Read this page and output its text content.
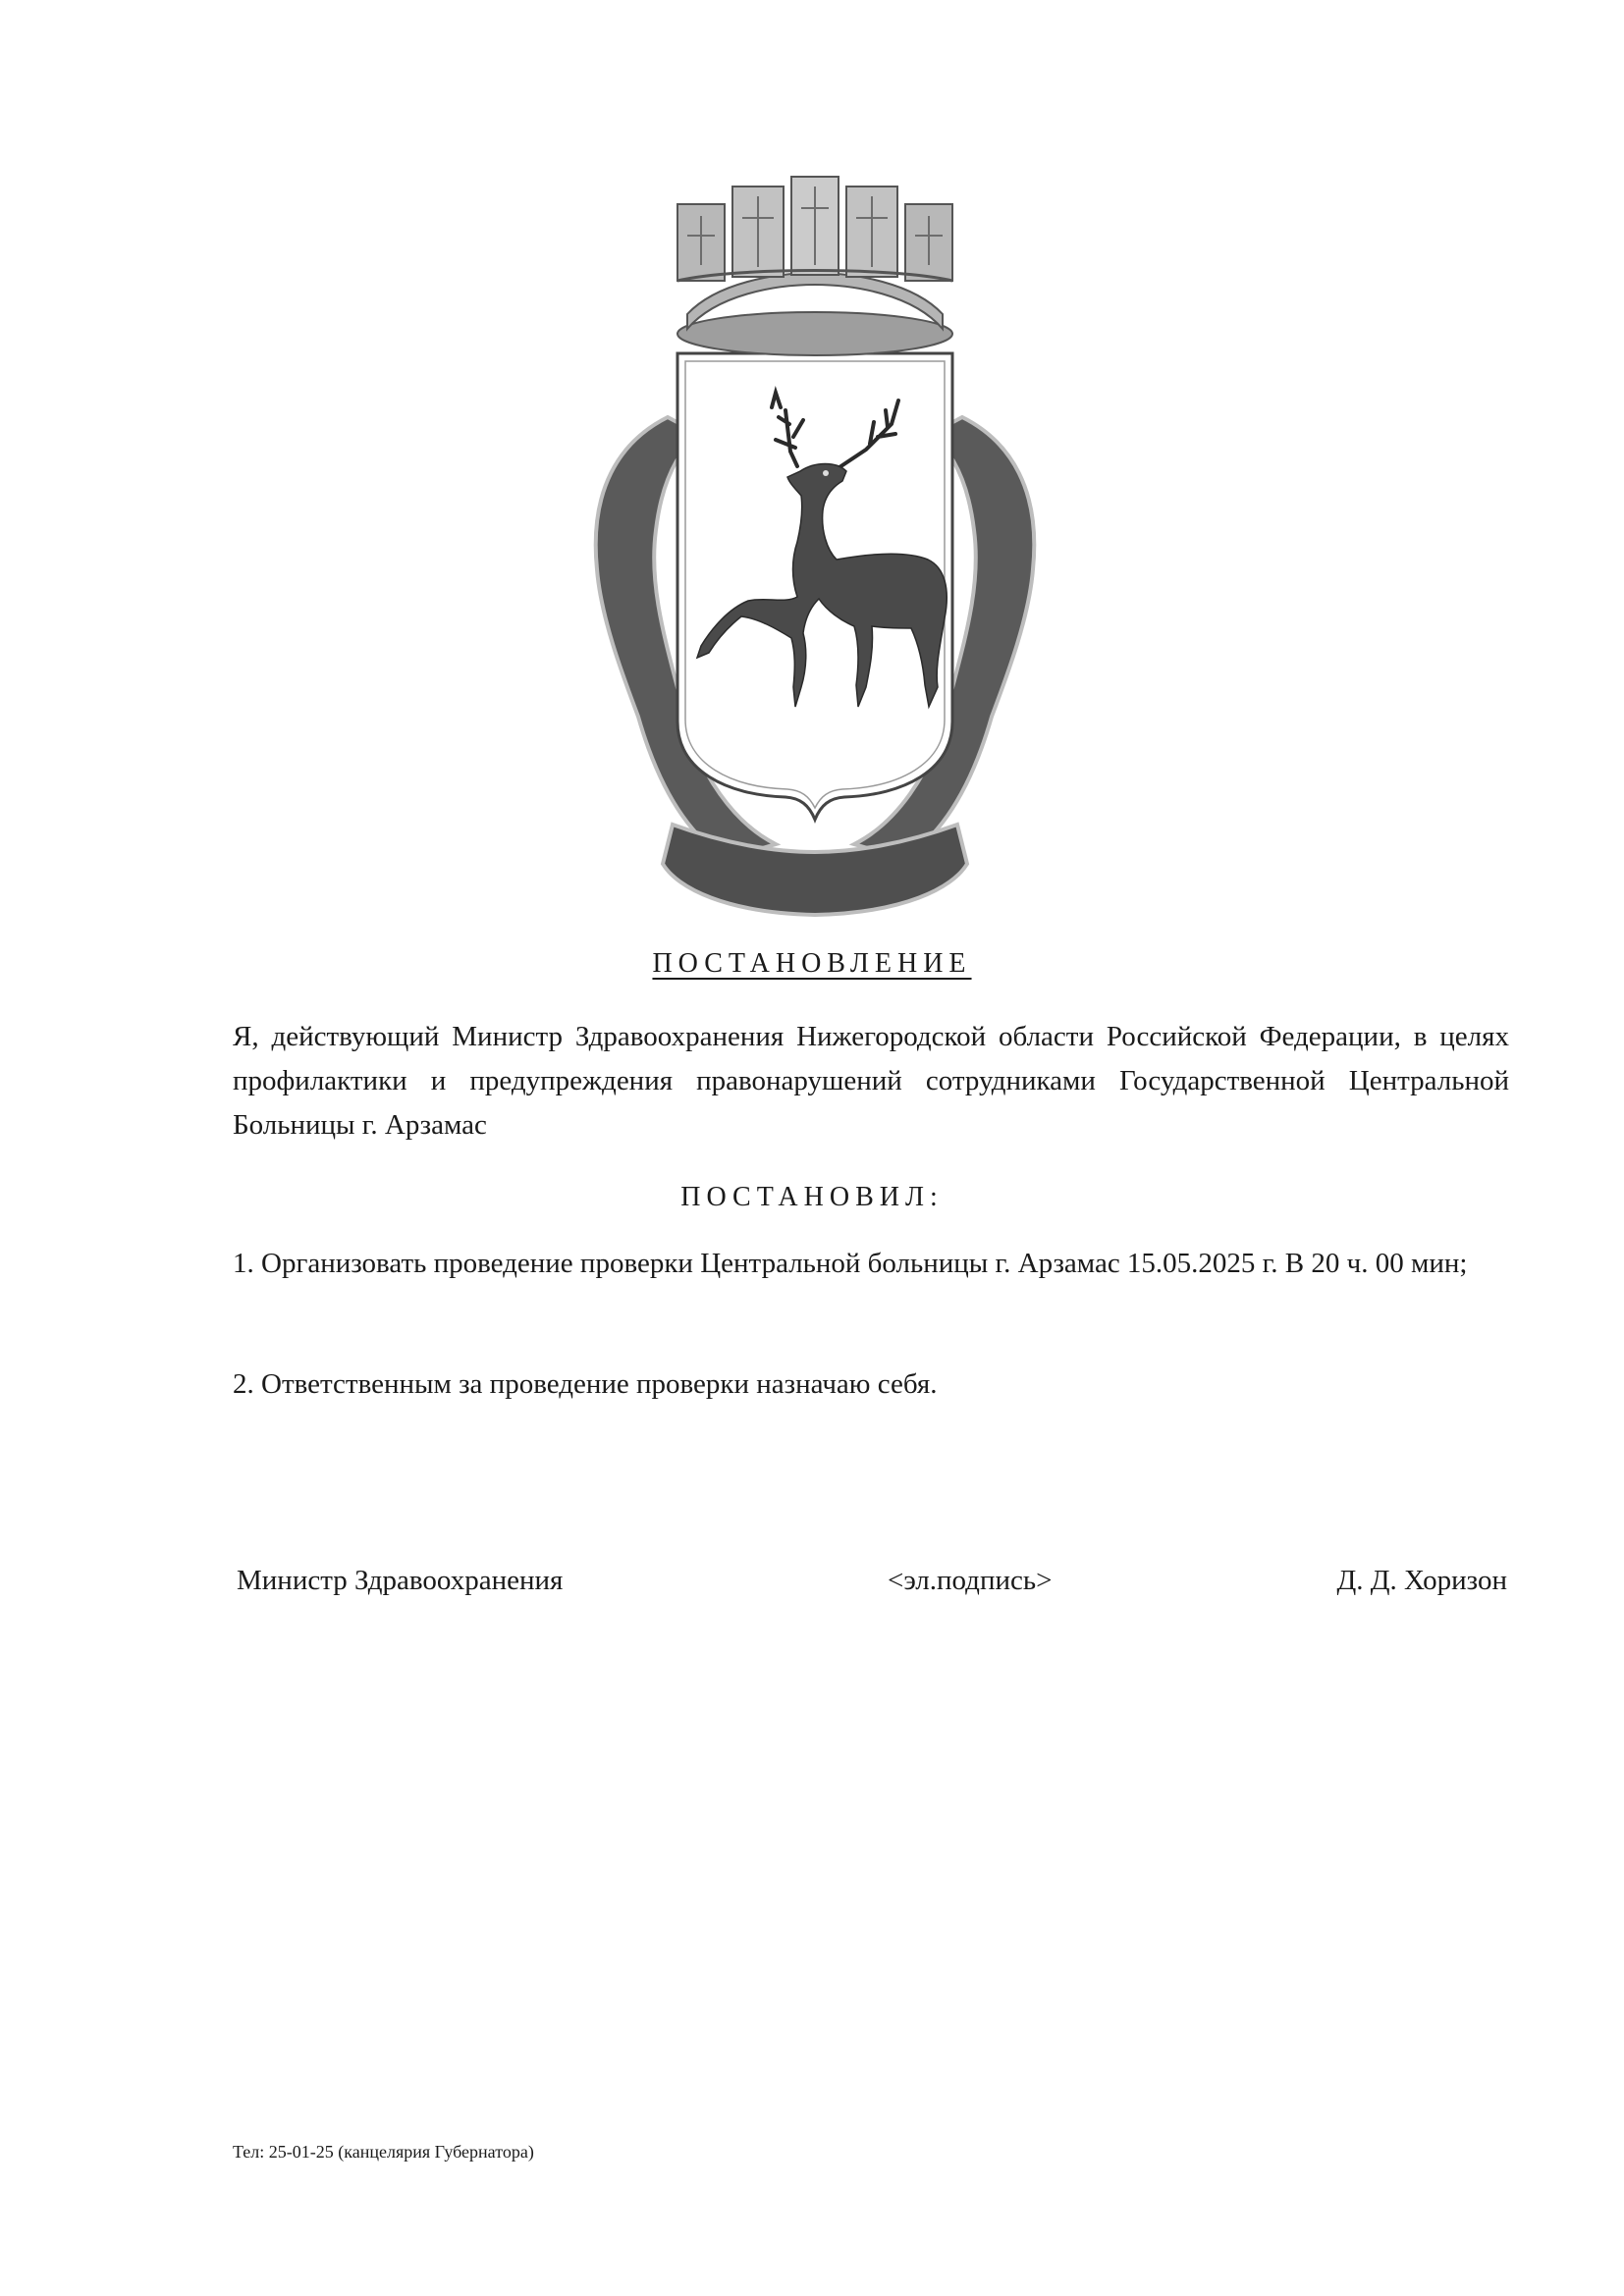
ПОСТАНОВЛЕНИЕ
Я, действующий Министр Здравоохранения Нижегородской области Российской Федерации, в целях профилактики и предупреждения правонарушений сотрудниками Государственной Центральной Больницы г. Арзамас
ПОСТАНОВИЛ:
1. Организовать проведение проверки Центральной больницы г. Арзамас 15.05.2025 г. В 20 ч. 00 мин;
2. Ответственным за проведение проверки назначаю себя.
Министр Здравоохранения	<эл.подпись>	Д. Д. Хоризон
Тел: 25-01-25 (канцелярия Губернатора)
